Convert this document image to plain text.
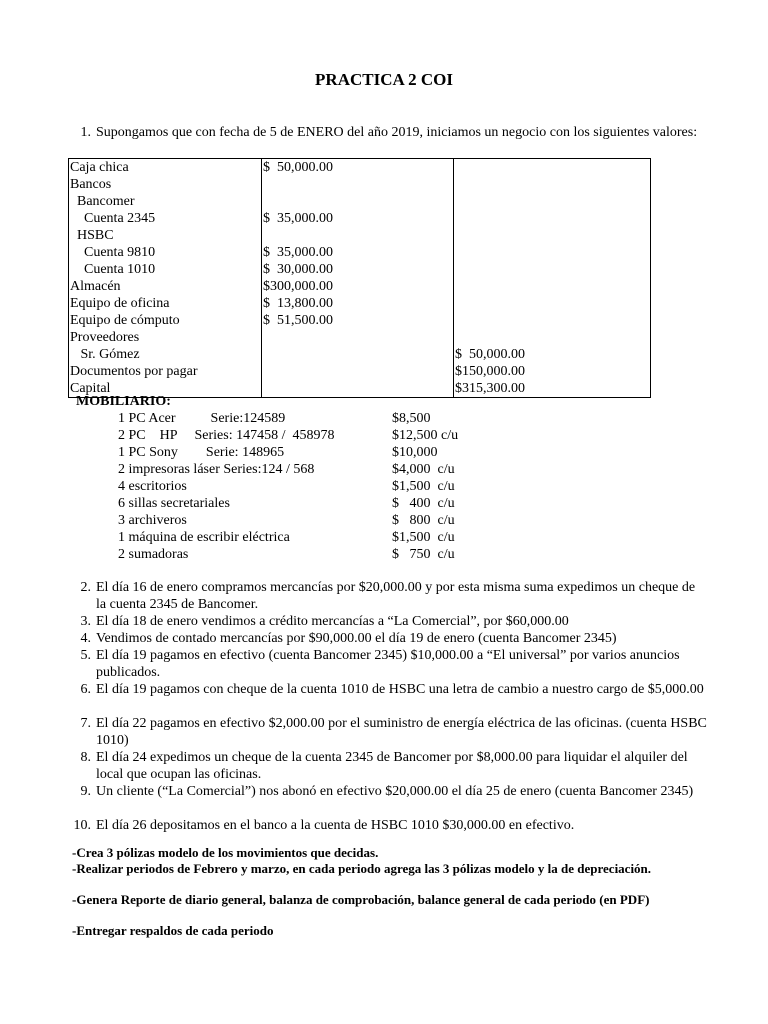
PRACTICA 2 COI
1. Supongamos que con fecha de 5 de ENERO del año 2019, iniciamos un negocio con los siguientes valores:
Caja chica	$  50,000.00	
Bancos		
Bancomer		
Cuenta 2345	$  35,000.00	
HSBC		
Cuenta 9810	$  35,000.00	
Cuenta 1010	$  30,000.00	
Almacén	$300,000.00	
Equipo de oficina	$  13,800.00	
Equipo de cómputo	$  51,500.00	
Proveedores		
Sr. Gómez		$  50,000.00
Documentos por pagar		$150,000.00
Capital		$315,300.00
MOBILIARIO:
1 PC Acer          Serie:124589	$8,500
2 PC    HP     Series: 147458 /  458978	$12,500 c/u
1 PC Sony        Serie: 148965	$10,000
2 impresoras láser Series:124 / 568	$4,000  c/u
4 escritorios	$1,500  c/u
6 sillas secretariales	$   400  c/u
3 archiveros	$   800  c/u
1 máquina de escribir eléctrica	$1,500  c/u
2 sumadoras	$   750  c/u
2. El día 16 de enero compramos mercancías por $20,000.00 y por esta misma suma expedimos un cheque de la cuenta 2345 de Bancomer.
3. El día 18 de enero vendimos a crédito mercancías a “La Comercial”, por $60,000.00
4. Vendimos de contado mercancías por $90,000.00 el día 19 de enero (cuenta Bancomer 2345)
5. El día 19 pagamos en efectivo (cuenta Bancomer 2345) $10,000.00 a “El universal” por varios anuncios publicados.
6. El día 19 pagamos con cheque de la cuenta 1010 de HSBC una letra de cambio a nuestro cargo de $5,000.00
7. El día 22 pagamos en efectivo $2,000.00 por el suministro de energía eléctrica de las oficinas. (cuenta HSBC 1010)
8. El día 24 expedimos un cheque de la cuenta 2345 de Bancomer por $8,000.00 para liquidar el alquiler del local que ocupan las oficinas.
9. Un cliente (“La Comercial”) nos abonó en efectivo $20,000.00 el día 25 de enero (cuenta Bancomer 2345)
10. El día 26 depositamos en el banco a la cuenta de HSBC 1010 $30,000.00 en efectivo.

-Crea 3 pólizas modelo de los movimientos que decidas.

-Realizar periodos de Febrero y marzo, en cada periodo agrega las 3 pólizas modelo y la de depreciación.

-Genera Reporte de diario general, balanza de comprobación, balance general de cada periodo (en PDF)

-Entregar respaldos de cada periodo
